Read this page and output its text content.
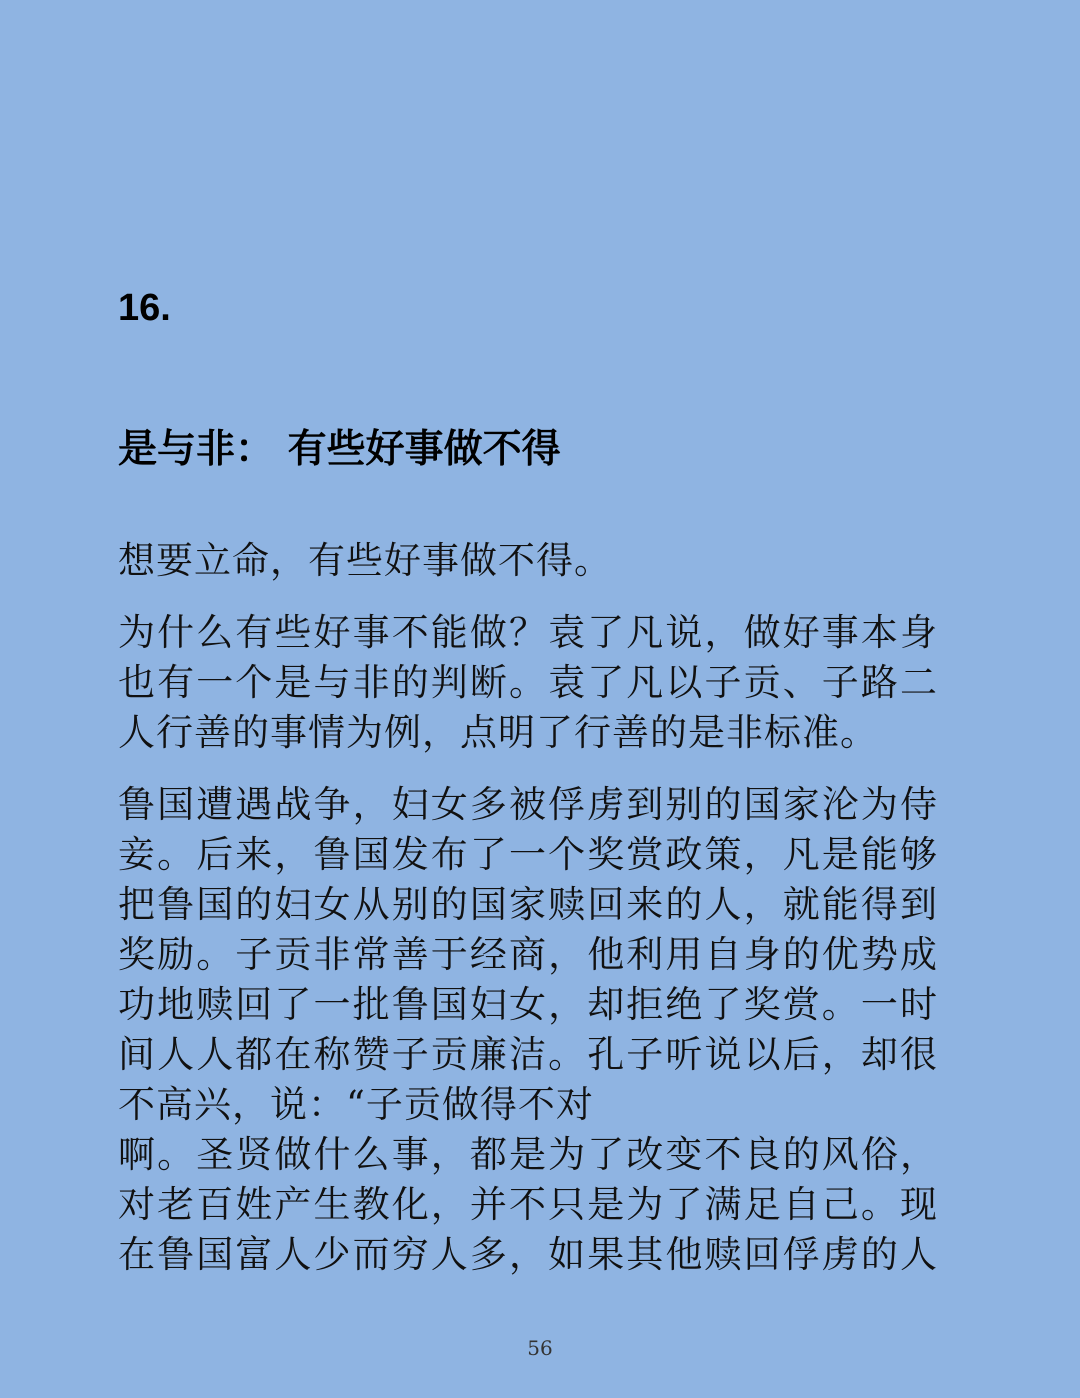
16.
是与非： 有些好事做不得

想要立命，有些好事做不得。

为什么有些好事不能做？袁了凡说，做好事本身
也有一个是与非的判断。袁了凡以子贡、子路二
人行善的事情为例，点明了行善的是非标准。

鲁国遭遇战争，妇女多被俘虏到别的国家沦为侍
妾。后来，鲁国发布了一个奖赏政策，凡是能够
把鲁国的妇女从别的国家赎回来的人，就能得到
奖励。子贡非常善于经商，他利用自身的优势成
功地赎回了一批鲁国妇女，却拒绝了奖赏。一时
间人人都在称赞子贡廉洁。孔子听说以后，却很
不高兴，说：“子贡做得不对
啊。圣贤做什么事，都是为了改变不良的风俗，
对老百姓产生教化，并不只是为了满足自己。现
在鲁国富人少而穷人多，如果其他赎回俘虏的人

56
